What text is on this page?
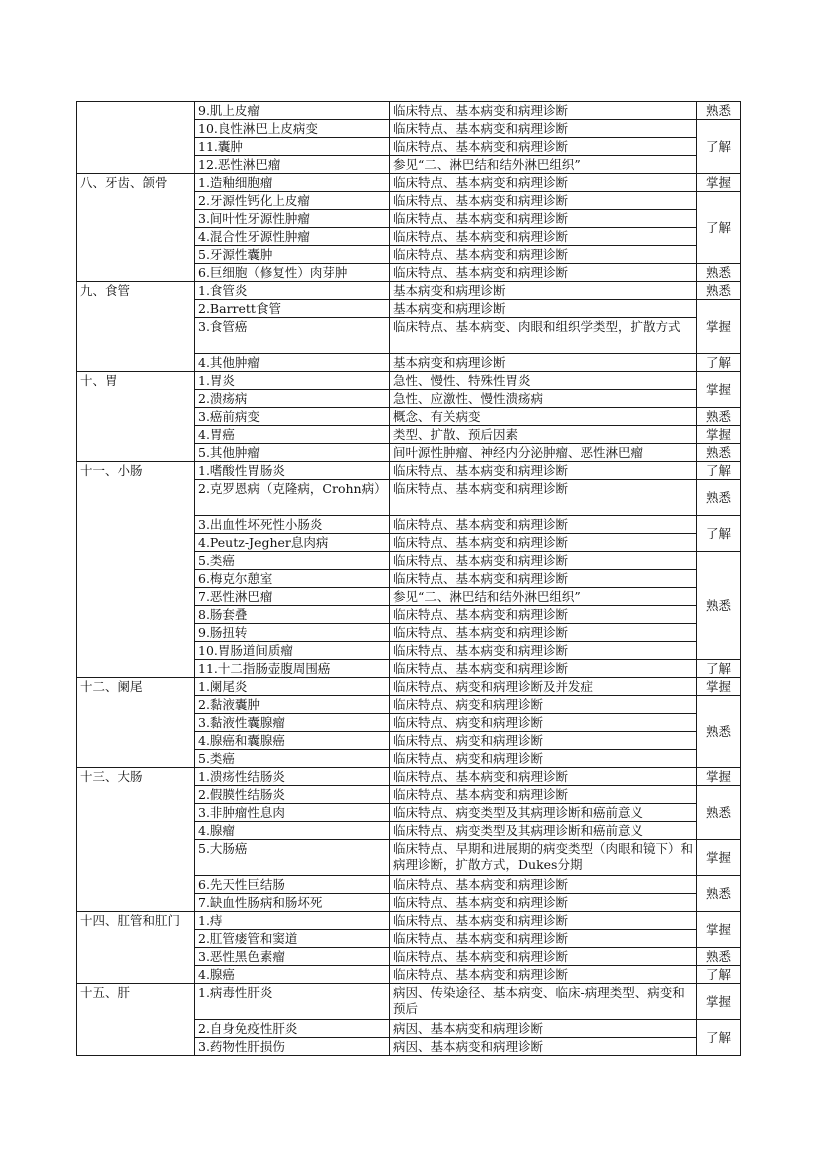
	9.肌上皮瘤	临床特点、基本病变和病理诊断	熟悉
	10.良性淋巴上皮病变	临床特点、基本病变和病理诊断	了解
	11.囊肿	临床特点、基本病变和病理诊断	
	12.恶性淋巴瘤	参见“二、淋巴结和结外淋巴组织”	
八、牙齿、颌骨	1.造釉细胞瘤	临床特点、基本病变和病理诊断	掌握
	2.牙源性钙化上皮瘤	临床特点、基本病变和病理诊断	了解
	3.间叶性牙源性肿瘤	临床特点、基本病变和病理诊断	
	4.混合性牙源性肿瘤	临床特点、基本病变和病理诊断	
	5.牙源性囊肿	临床特点、基本病变和病理诊断	
	6.巨细胞（修复性）肉芽肿	临床特点、基本病变和病理诊断	熟悉
九、食管	1.食管炎	基本病变和病理诊断	熟悉
	2.Barrett食管	基本病变和病理诊断	掌握
	3.食管癌	临床特点、基本病变、肉眼和组织学类型，扩散方式	
	4.其他肿瘤	基本病变和病理诊断	了解
十、胃	1.胃炎	急性、慢性、特殊性胃炎	掌握
	2.溃疡病	急性、应激性、慢性溃疡病	
	3.癌前病变	概念、有关病变	熟悉
	4.胃癌	类型、扩散、预后因素	掌握
	5.其他肿瘤	间叶源性肿瘤、神经内分泌肿瘤、恶性淋巴瘤	熟悉
十一、小肠	1.嗜酸性胃肠炎	临床特点、基本病变和病理诊断	了解
	2.克罗恩病（克隆病，Crohn病）	临床特点、基本病变和病理诊断	熟悉
	3.出血性坏死性小肠炎	临床特点、基本病变和病理诊断	了解
	4.Peutz-Jegher息肉病	临床特点、基本病变和病理诊断	
	5.类癌	临床特点、基本病变和病理诊断	熟悉
	6.梅克尔憩室	临床特点、基本病变和病理诊断	
	7.恶性淋巴瘤	参见“二、淋巴结和结外淋巴组织”	
	8.肠套叠	临床特点、基本病变和病理诊断	
	9.肠扭转	临床特点、基本病变和病理诊断	
	10.胃肠道间质瘤	临床特点、基本病变和病理诊断	
	11.十二指肠壶腹周围癌	临床特点、基本病变和病理诊断	了解
十二、阑尾	1.阑尾炎	临床特点、病变和病理诊断及并发症	掌握
	2.黏液囊肿	临床特点、病变和病理诊断	熟悉
	3.黏液性囊腺瘤	临床特点、病变和病理诊断	
	4.腺癌和囊腺癌	临床特点、病变和病理诊断	
	5.类癌	临床特点、病变和病理诊断	
十三、大肠	1.溃疡性结肠炎	临床特点、基本病变和病理诊断	掌握
	2.假膜性结肠炎	临床特点、基本病变和病理诊断	熟悉
	3.非肿瘤性息肉	临床特点、病变类型及其病理诊断和癌前意义	
	4.腺瘤	临床特点、病变类型及其病理诊断和癌前意义	
	5.大肠癌	临床特点、早期和进展期的病变类型（肉眼和镜下）和病理诊断，扩散方式，Dukes分期	掌握
	6.先天性巨结肠	临床特点、基本病变和病理诊断	熟悉
	7.缺血性肠病和肠坏死	临床特点、基本病变和病理诊断	
十四、肛管和肛门	1.痔	临床特点、基本病变和病理诊断	掌握
	2.肛管瘘管和窦道	临床特点、基本病变和病理诊断	
	3.恶性黑色素瘤	临床特点、基本病变和病理诊断	熟悉
	4.腺癌	临床特点、基本病变和病理诊断	了解
十五、肝	1.病毒性肝炎	病因、传染途径、基本病变、临床-病理类型、病变和预后	掌握
	2.自身免疫性肝炎	病因、基本病变和病理诊断	了解
	3.药物性肝损伤	病因、基本病变和病理诊断	
